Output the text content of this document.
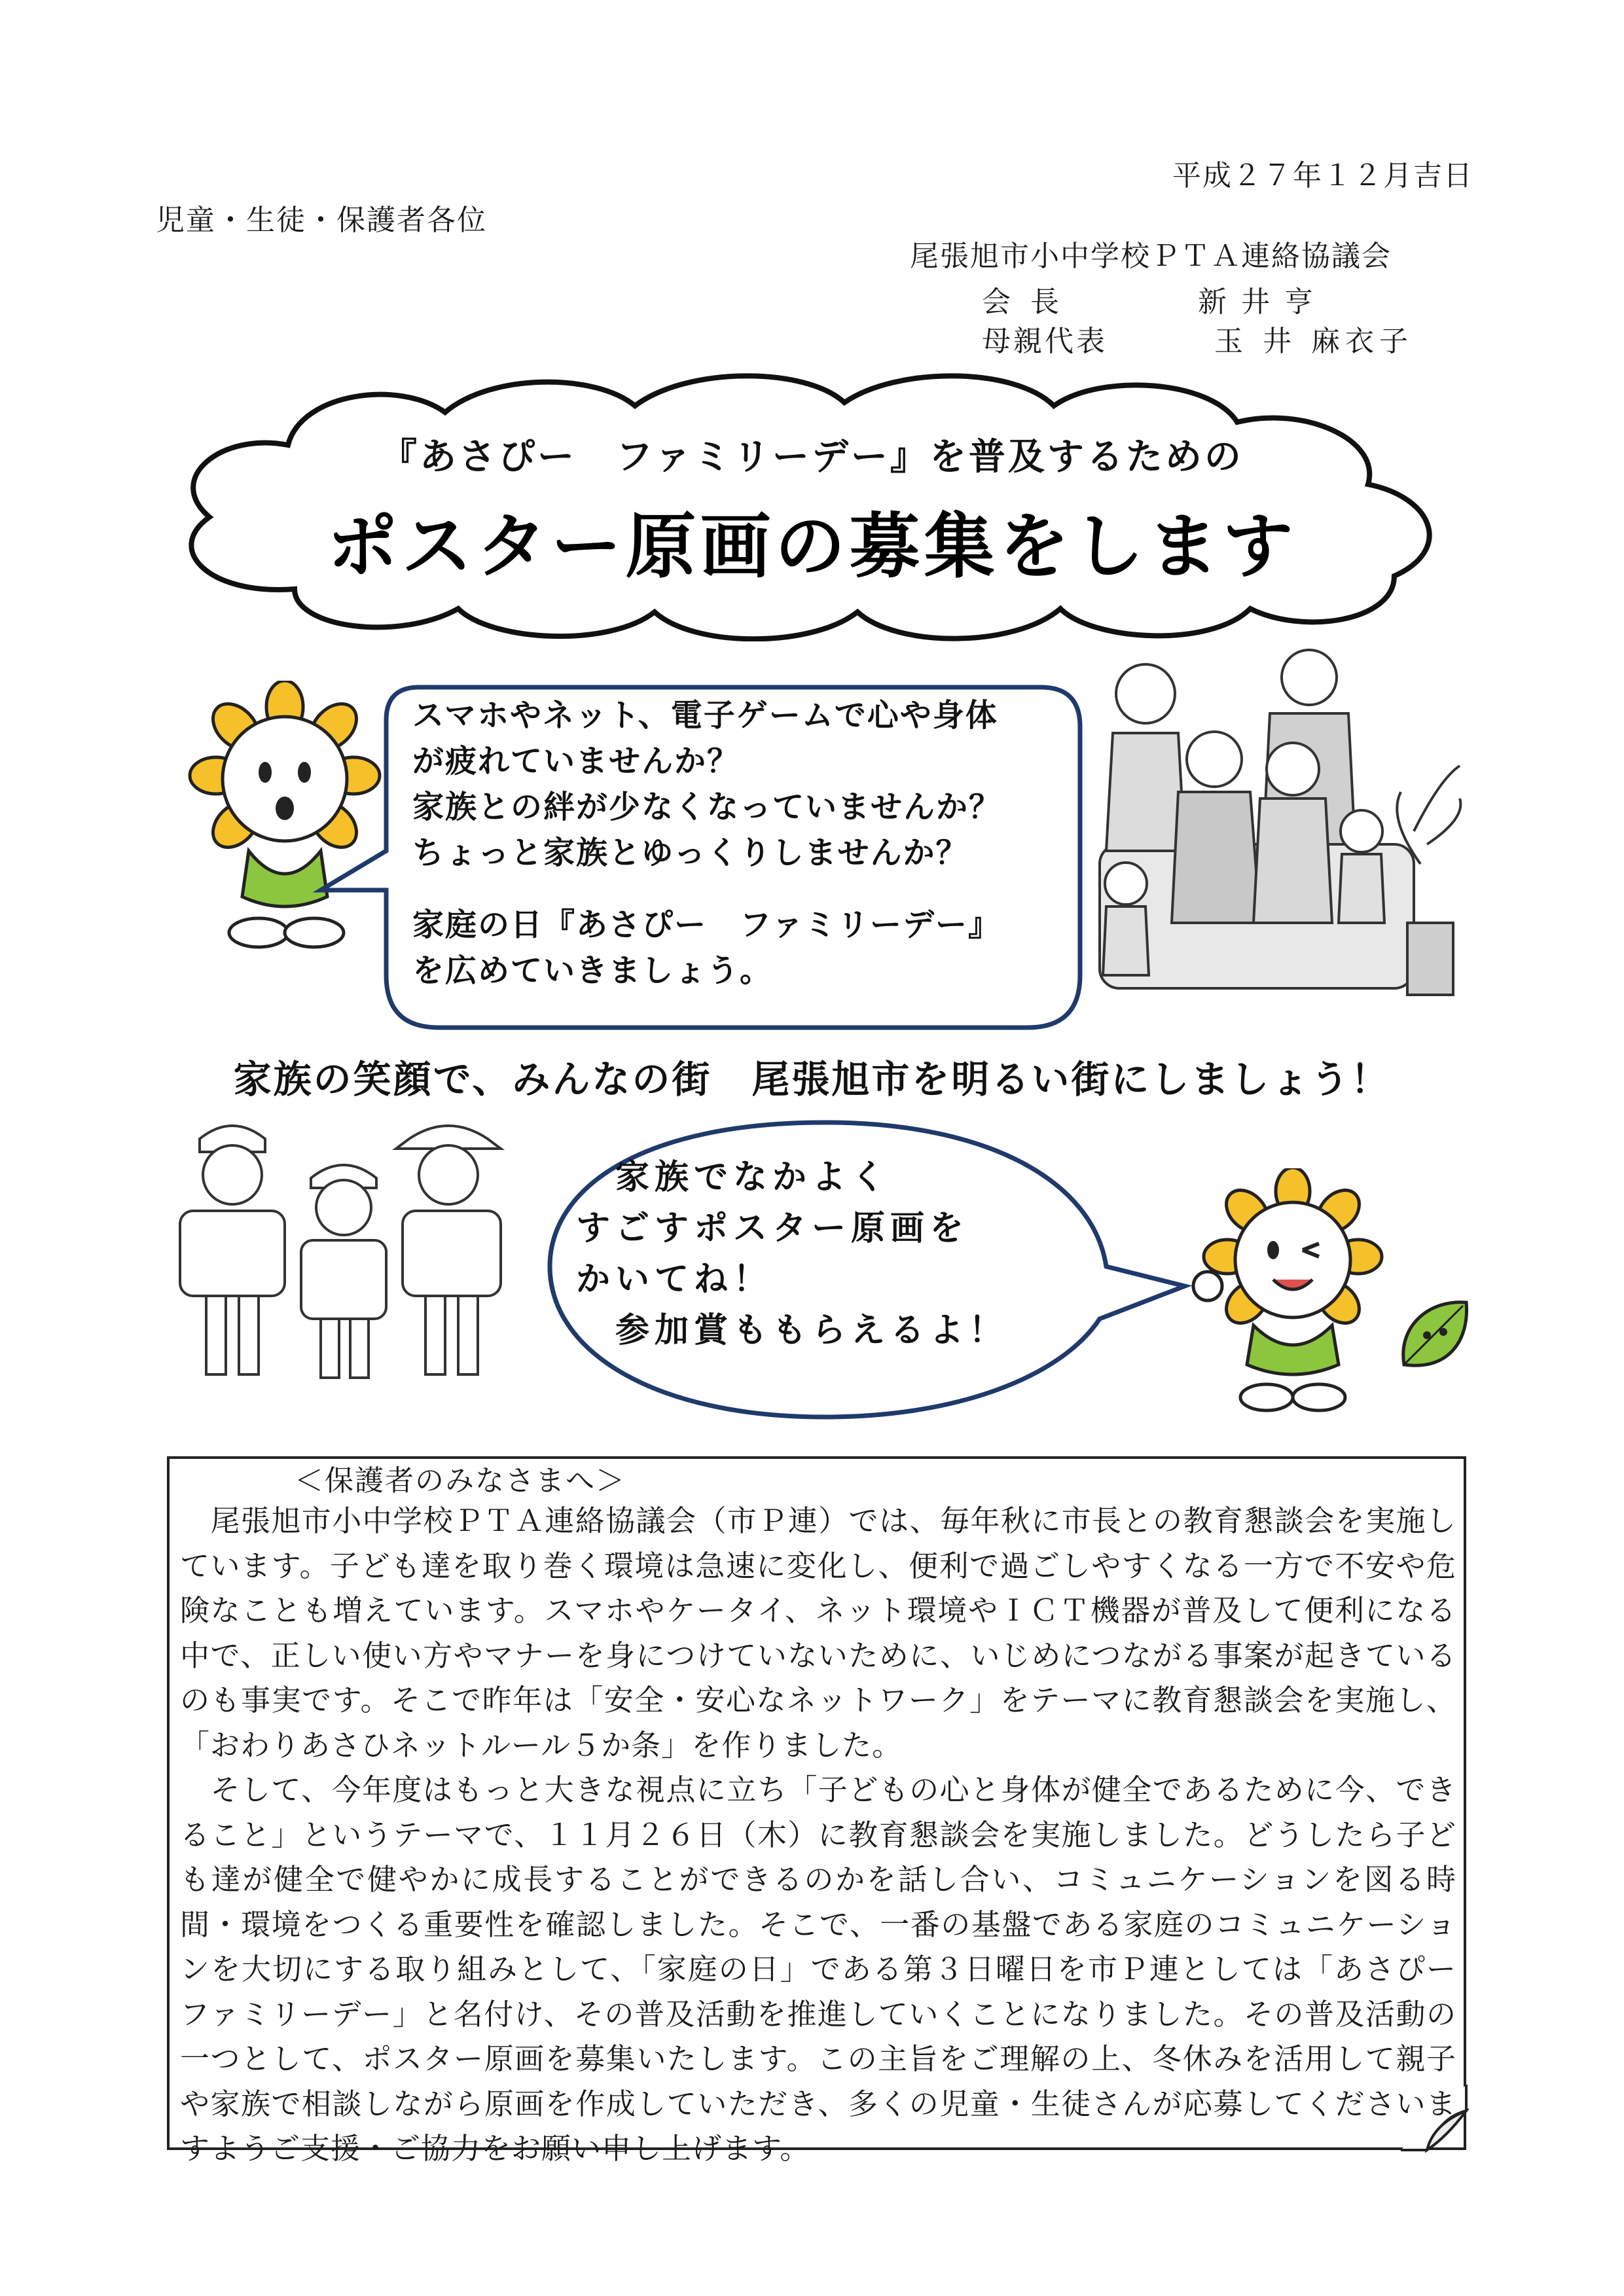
平成２７年１２月吉日
児童・生徒・保護者各位
尾張旭市小中学校ＰＴＡ連絡協議会
会長	新井亨
母親代表	玉 井 麻衣子
『あさぴー　ファミリーデー』を普及するための
ポスター原画の募集をします

スマホやネット、電子ゲームで心や身体

が疲れていませんか？

家族との絆が少なくなっていませんか？

ちょっと家族とゆっくりしませんか？

家庭の日『あさぴー　ファミリーデー』

を広めていきましょう。

家族の笑顔で、みんなの街　尾張旭市を明るい街にしましょう！
　家族でなかよく
すごすポスター原画を
かいてね！
　参加賞ももらえるよ！
＜保護者のみなさまへ＞
　尾張旭市小中学校ＰＴＡ連絡協議会（市Ｐ連）では、毎年秋に市長との教育懇談会を実施しています。子ども達を取り巻く環境は急速に変化し、便利で過ごしやすくなる一方で不安や危険なことも増えています。スマホやケータイ、ネット環境やＩＣＴ機器が普及して便利になる中で、正しい使い方やマナーを身につけていないために、いじめにつながる事案が起きているのも事実です。そこで昨年は「安全・安心なネットワーク」をテーマに教育懇談会を実施し、「おわりあさひネットルール５か条」を作りました。
　そして、今年度はもっと大きな視点に立ち「子どもの心と身体が健全であるために今、できること」というテーマで、１１月２６日（木）に教育懇談会を実施しました。どうしたら子ども達が健全で健やかに成長することができるのかを話し合い、コミュニケーションを図る時間・環境をつくる重要性を確認しました。そこで、一番の基盤である家庭のコミュニケーションを大切にする取り組みとして、「家庭の日」である第３日曜日を市Ｐ連としては「あさぴー　ファミリーデー」と名付け、その普及活動を推進していくことになりました。その普及活動の一つとして、ポスター原画を募集いたします。この主旨をご理解の上、冬休みを活用して親子や家族で相談しながら原画を作成していただき、多くの児童・生徒さんが応募してくださいますようご支援・ご協力をお願い申し上げます。
